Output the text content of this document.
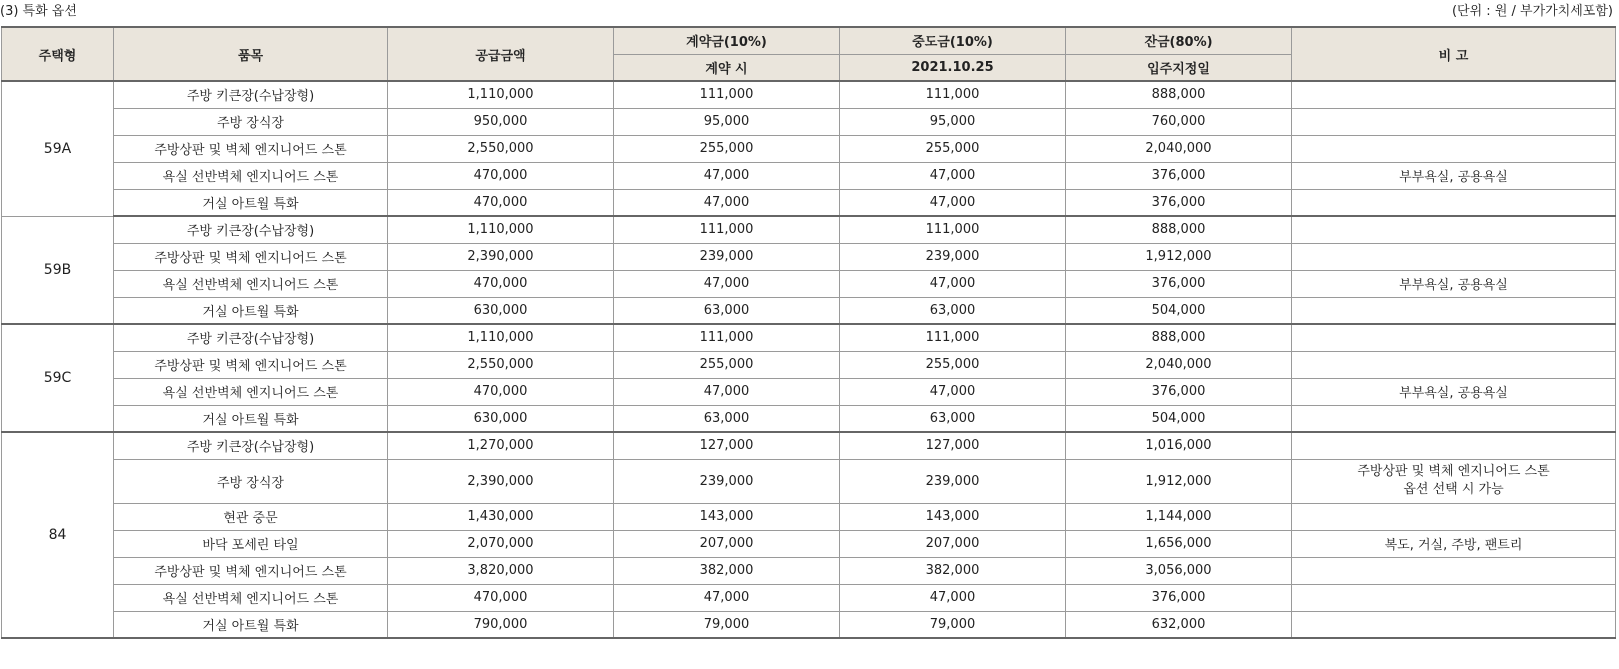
(3) 특화 옵션	(단위 : 원 / 부가가치세포함)
주택형	품목	공급금액	계약금(10%)	중도금(10%)	잔금(80%)	비 고
			계약 시	2021.10.25	입주지정일	
59A	주방 키큰장(수납장형)	1,110,000	111,000	111,000	888,000	
	주방 장식장	950,000	95,000	95,000	760,000	
	주방상판 및 벽체 엔지니어드 스톤	2,550,000	255,000	255,000	2,040,000	
	욕실 선반벽체 엔지니어드 스톤	470,000	47,000	47,000	376,000	부부욕실, 공용욕실
	거실 아트월 특화	470,000	47,000	47,000	376,000	
59B	주방 키큰장(수납장형)	1,110,000	111,000	111,000	888,000	
	주방상판 및 벽체 엔지니어드 스톤	2,390,000	239,000	239,000	1,912,000	
	욕실 선반벽체 엔지니어드 스톤	470,000	47,000	47,000	376,000	부부욕실, 공용욕실
	거실 아트월 특화	630,000	63,000	63,000	504,000	
59C	주방 키큰장(수납장형)	1,110,000	111,000	111,000	888,000	
	주방상판 및 벽체 엔지니어드 스톤	2,550,000	255,000	255,000	2,040,000	
	욕실 선반벽체 엔지니어드 스톤	470,000	47,000	47,000	376,000	부부욕실, 공용욕실
	거실 아트월 특화	630,000	63,000	63,000	504,000	
84	주방 키큰장(수납장형)	1,270,000	127,000	127,000	1,016,000	
	주방 장식장	2,390,000	239,000	239,000	1,912,000	주방상판 및 벽체 엔지니어드 스톤
옵션 선택 시 가능

	현관 중문	1,430,000	143,000	143,000	1,144,000	
	바닥 포세린 타일	2,070,000	207,000	207,000	1,656,000	복도, 거실, 주방, 팬트리
	주방상판 및 벽체 엔지니어드 스톤	3,820,000	382,000	382,000	3,056,000	
	욕실 선반벽체 엔지니어드 스톤	470,000	47,000	47,000	376,000	
	거실 아트월 특화	790,000	79,000	79,000	632,000	
